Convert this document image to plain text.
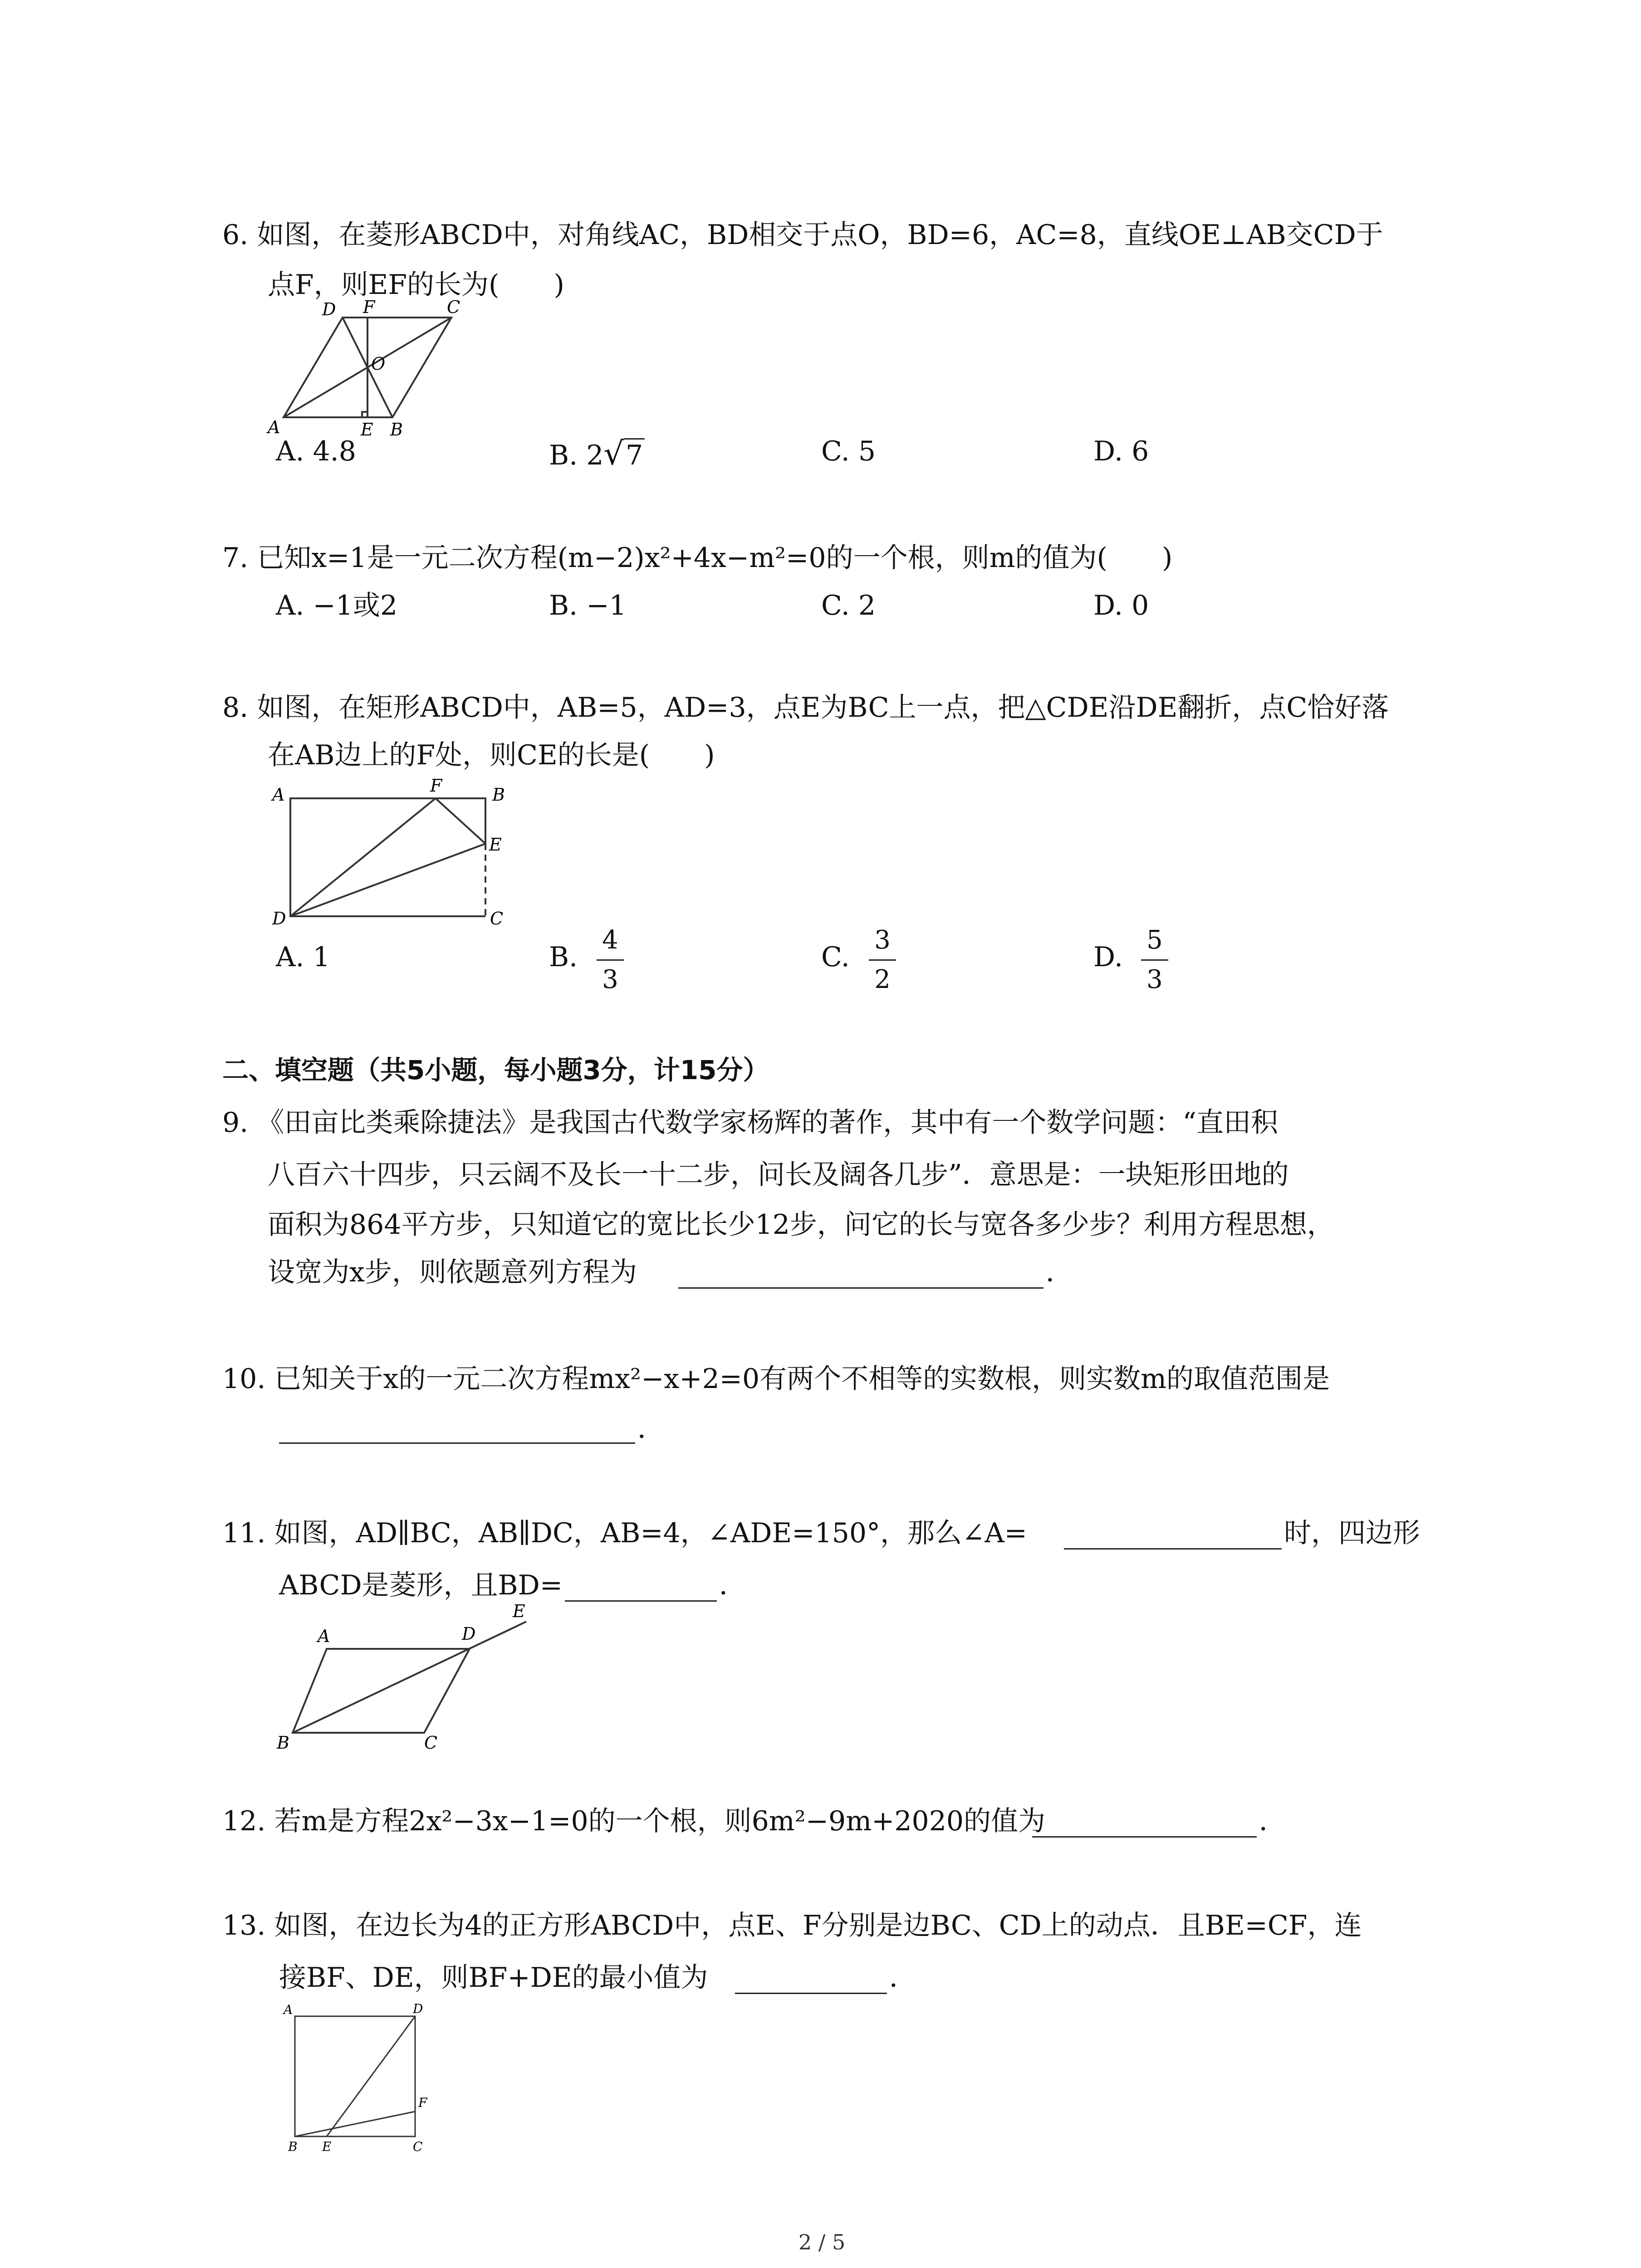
6. 如图，在菱形ABCD中，对角线AC，BD相交于点O，BD=6，AC=8，直线OE⊥AB交CD于
点F，则EF的长为(　　)
A	B
C
D
E
F
O
A. 4.8	B. 2√7	C. 5	D. 6
7. 已知x=1是一元二次方程(m−2)x²+4x−m²=0的一个根，则m的值为(　　)
A. −1或2	B. −1	C. 2	D. 0
8. 如图，在矩形ABCD中，AB=5，AD=3，点E为BC上一点，把△CDE沿DE翻折，点C恰好落
在AB边上的F处，则CE的长是(　　)
A	B
C
D
E
F
A. 1	B.
4
3
C.
3
2
D.
5
3
二、填空题（共5小题，每小题3分，计15分）
9. 《田亩比类乘除捷法》是我国古代数学家杨辉的著作，其中有一个数学问题：“直田积
八百六十四步，只云阔不及长一十二步，问长及阔各几步”．意思是：一块矩形田地的
面积为864平方步，只知道它的宽比长少12步，问它的长与宽各多少步？利用方程思想，
设宽为x步，则依题意列方程为	．
10. 已知关于x的一元二次方程mx²−x+2=0有两个不相等的实数根，则实数m的取值范围是
．
11. 如图，AD∥BC，AB∥DC，AB=4，∠ADE=150°，那么∠A=	时，四边形
ABCD是菱形，且BD=	．
A
B	C
D
E
12. 若m是方程2x²−3x−1=0的一个根，则6m²−9m+2020的值为	．
13. 如图，在边长为4的正方形ABCD中，点E、F分别是边BC、CD上的动点．且BE=CF，连
接BF、DE，则BF+DE的最小值为	．
A
B	C
D
E
F
2 / 5
